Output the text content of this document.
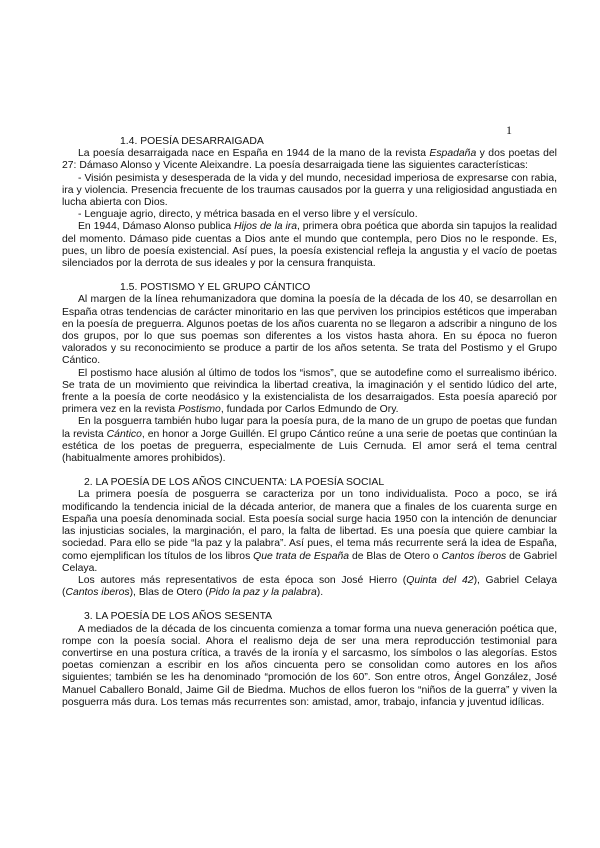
1
1.4. POESÍA DESARRAIGADA

La poesía desarraigada nace en España en 1944 de la mano de la revista Espadaña y dos poetas del 27: Dámaso Alonso y Vicente Aleixandre. La poesía desarraigada tiene las siguientes características:

- Visión pesimista y desesperada de la vida y del mundo, necesidad imperiosa de expresarse con rabia, ira y violencia. Presencia frecuente de los traumas causados por la guerra y una religiosidad angustiada en lucha abierta con Dios.

- Lenguaje agrio, directo, y métrica basada en el verso libre y el versículo.

En 1944, Dámaso Alonso publica Hijos de la ira, primera obra poética que aborda sin tapujos la realidad del momento. Dámaso pide cuentas a Dios ante el mundo que contempla, pero Dios no le responde. Es, pues, un libro de poesía existencial. Así pues, la poesía existencial refleja la angustia y el vacío de poetas silenciados por la derrota de sus ideales y por la censura franquista.

1.5. POSTISMO Y EL GRUPO CÁNTICO

Al margen de la línea rehumanizadora que domina la poesía de la década de los 40, se desarrollan en España otras tendencias de carácter minoritario en las que perviven los principios estéticos que imperaban en la poesía de preguerra. Algunos poetas de los años cuarenta no se llegaron a adscribir a ninguno de los dos grupos, por lo que sus poemas son diferentes a los vistos hasta ahora. En su época no fueron valorados y su reconocimiento se produce a partir de los años setenta. Se trata del Postismo y el Grupo Cántico.

El postismo hace alusión al último de todos los “ismos”, que se autodefine como el surrealismo ibérico. Se trata de un movimiento que reivindica la libertad creativa, la imaginación y el sentido lúdico del arte, frente a la poesía de corte neodásico y la existencialista de los desarraigados. Esta poesía apareció por primera vez en la revista Postismo, fundada por Carlos Edmundo de Ory.

En la posguerra también hubo lugar para la poesía pura, de la mano de un grupo de poetas que fundan la revista Cántico, en honor a Jorge Guillén. El grupo Cántico reúne a una serie de poetas que continúan la estética de los poetas de preguerra, especialmente de Luis Cernuda. El amor será el tema central (habitualmente amores prohibidos).

2. LA POESÍA DE LOS AÑOS CINCUENTA: LA POESÍA SOCIAL

La primera poesía de posguerra se caracteriza por un tono individualista. Poco a poco, se irá modificando la tendencia inicial de la década anterior, de manera que a finales de los cuarenta surge en España una poesía denominada social. Esta poesía social surge hacia 1950 con la intención de denunciar las injusticias sociales, la marginación, el paro, la falta de libertad. Es una poesía que quiere cambiar la sociedad. Para ello se pide “la paz y la palabra”. Así pues, el tema más recurrente será la idea de España, como ejemplifican los títulos de los libros Que trata de España de Blas de Otero o Cantos íberos de Gabriel Celaya.

Los autores más representativos de esta época son José Hierro (Quinta del 42), Gabriel Celaya (Cantos iberos), Blas de Otero (Pido la paz y la palabra).

3. LA POESÍA DE LOS AÑOS SESENTA

A mediados de la década de los cincuenta comienza a tomar forma una nueva generación poética que, rompe con la poesía social. Ahora el realismo deja de ser una mera reproducción testimonial para convertirse en una postura crítica, a través de la ironía y el sarcasmo, los símbolos o las alegorías. Estos poetas comienzan a escribir en los años cincuenta pero se consolidan como autores en los años siguientes; también se les ha denominado “promoción de los 60”. Son entre otros, Ángel González, José Manuel Caballero Bonald, Jaime Gil de Biedma. Muchos de ellos fueron los “niños de la guerra” y viven la posguerra más dura. Los temas más recurrentes son: amistad, amor, trabajo, infancia y juventud idílicas.
